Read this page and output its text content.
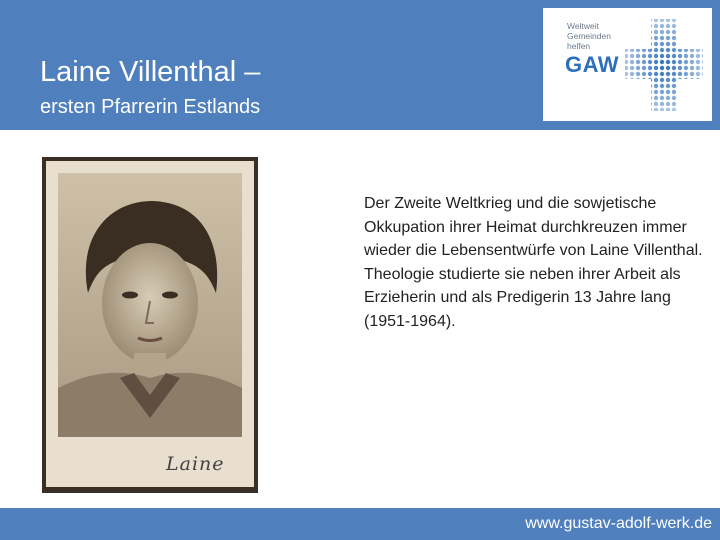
Laine Villenthal –
ersten Pfarrerin Estlands
Weltweit
Gemeinden
helfen
GAW
Laine

Der Zweite Weltkrieg und die sowjetische Okkupation ihrer Heimat durchkreuzen immer wieder die Lebensentwürfe von Laine Villenthal.

Theologie studierte sie neben ihrer Arbeit als Erzieherin und als Predigerin 13 Jahre lang (1951-1964).

www.gustav-adolf-werk.de
